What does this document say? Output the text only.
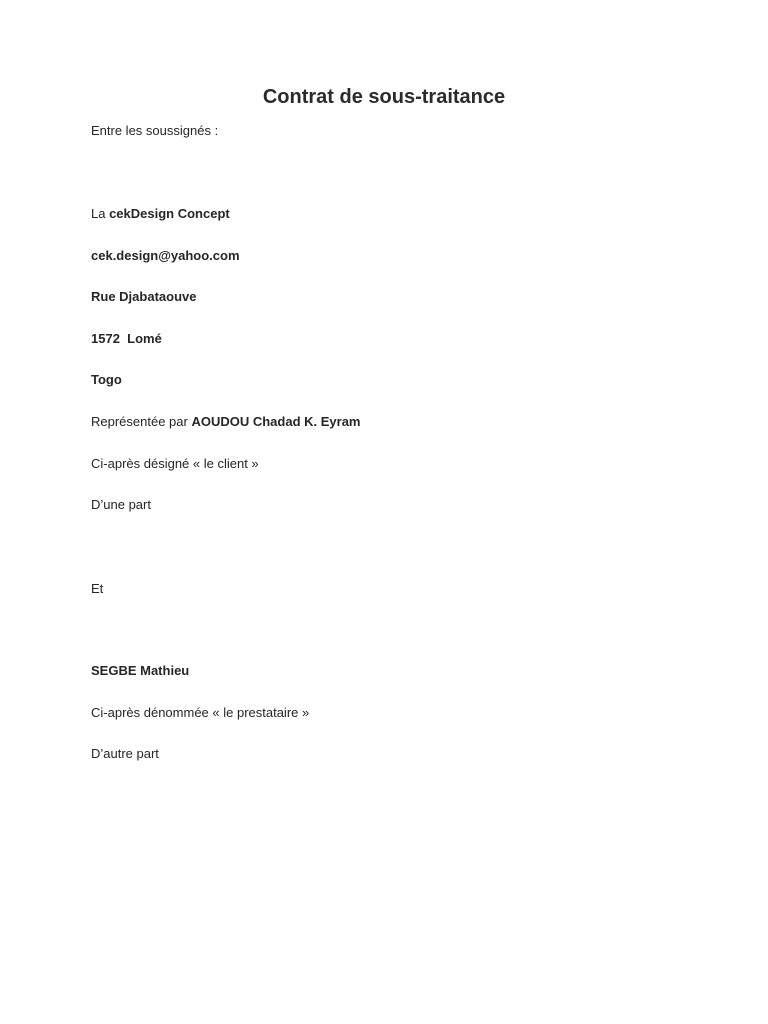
Contrat de sous-traitance

Entre les soussignés :

La cekDesign Concept

cek.design@yahoo.com

Rue Djabataouve

1572  Lomé

Togo

Représentée par AOUDOU Chadad K. Eyram

Ci-après désigné « le client »

D’une part

Et

SEGBE Mathieu

Ci-après dénommée « le prestataire »

D’autre part
